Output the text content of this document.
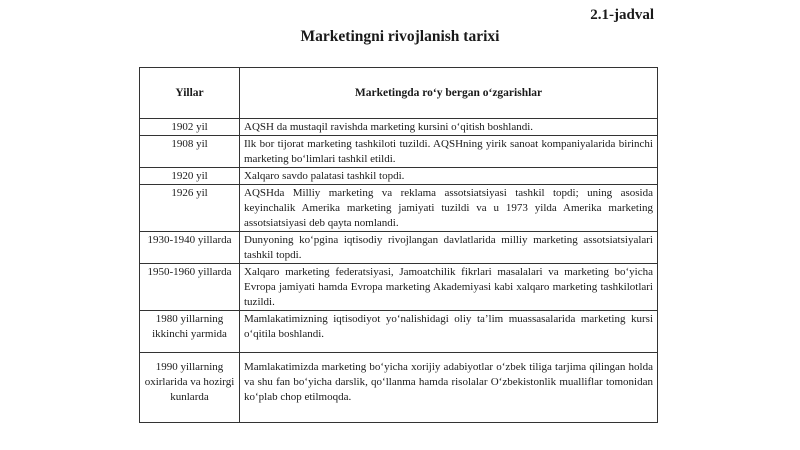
2.1-jadval
Marketingni rivojlanish tarixi
Yillar	Marketingda ro‘y bergan o‘zgarishlar
1902 yil	AQSH da mustaqil ravishda marketing kursini o‘qitish boshlandi.
1908 yil	Ilk bor tijorat marketing tashkiloti tuzildi. AQSHning yirik sanoat kompaniyalarida birinchi marketing bo‘limlari tashkil etildi.
1920 yil	Xalqaro savdo palatasi tashkil topdi.
1926 yil	AQSHda Milliy marketing va reklama assotsiatsiyasi tashkil topdi; uning asosida keyinchalik Amerika marketing jamiyati tuzildi va u 1973 yilda Amerika marketing assotsiatsiyasi deb qayta nomlandi.
1930-1940 yillarda	Dunyoning ko‘pgina iqtisodiy rivojlangan davlatlarida milliy marketing assotsiatsiyalari tashkil topdi.
1950-1960 yillarda	Xalqaro marketing federatsiyasi, Jamoatchilik fikrlari masalalari va marketing bo‘yicha Evropa jamiyati hamda Evropa marketing Akademiyasi kabi xalqaro marketing tashkilotlari tuzildi.
1980 yillarning ikkinchi yarmida	Mamlakatimizning iqtisodiyot yo‘nalishidagi oliy ta’lim muassasalarida marketing kursi o‘qitila boshlandi.
1990 yillarning oxirlarida va hozirgi kunlarda	Mamlakatimizda marketing bo‘yicha xorijiy adabiyotlar o‘zbek tiliga tarjima qilingan holda va shu fan bo‘yicha darslik, qo‘llanma hamda risolalar O‘zbekistonlik mualliflar tomonidan ko‘plab chop etilmoqda.
